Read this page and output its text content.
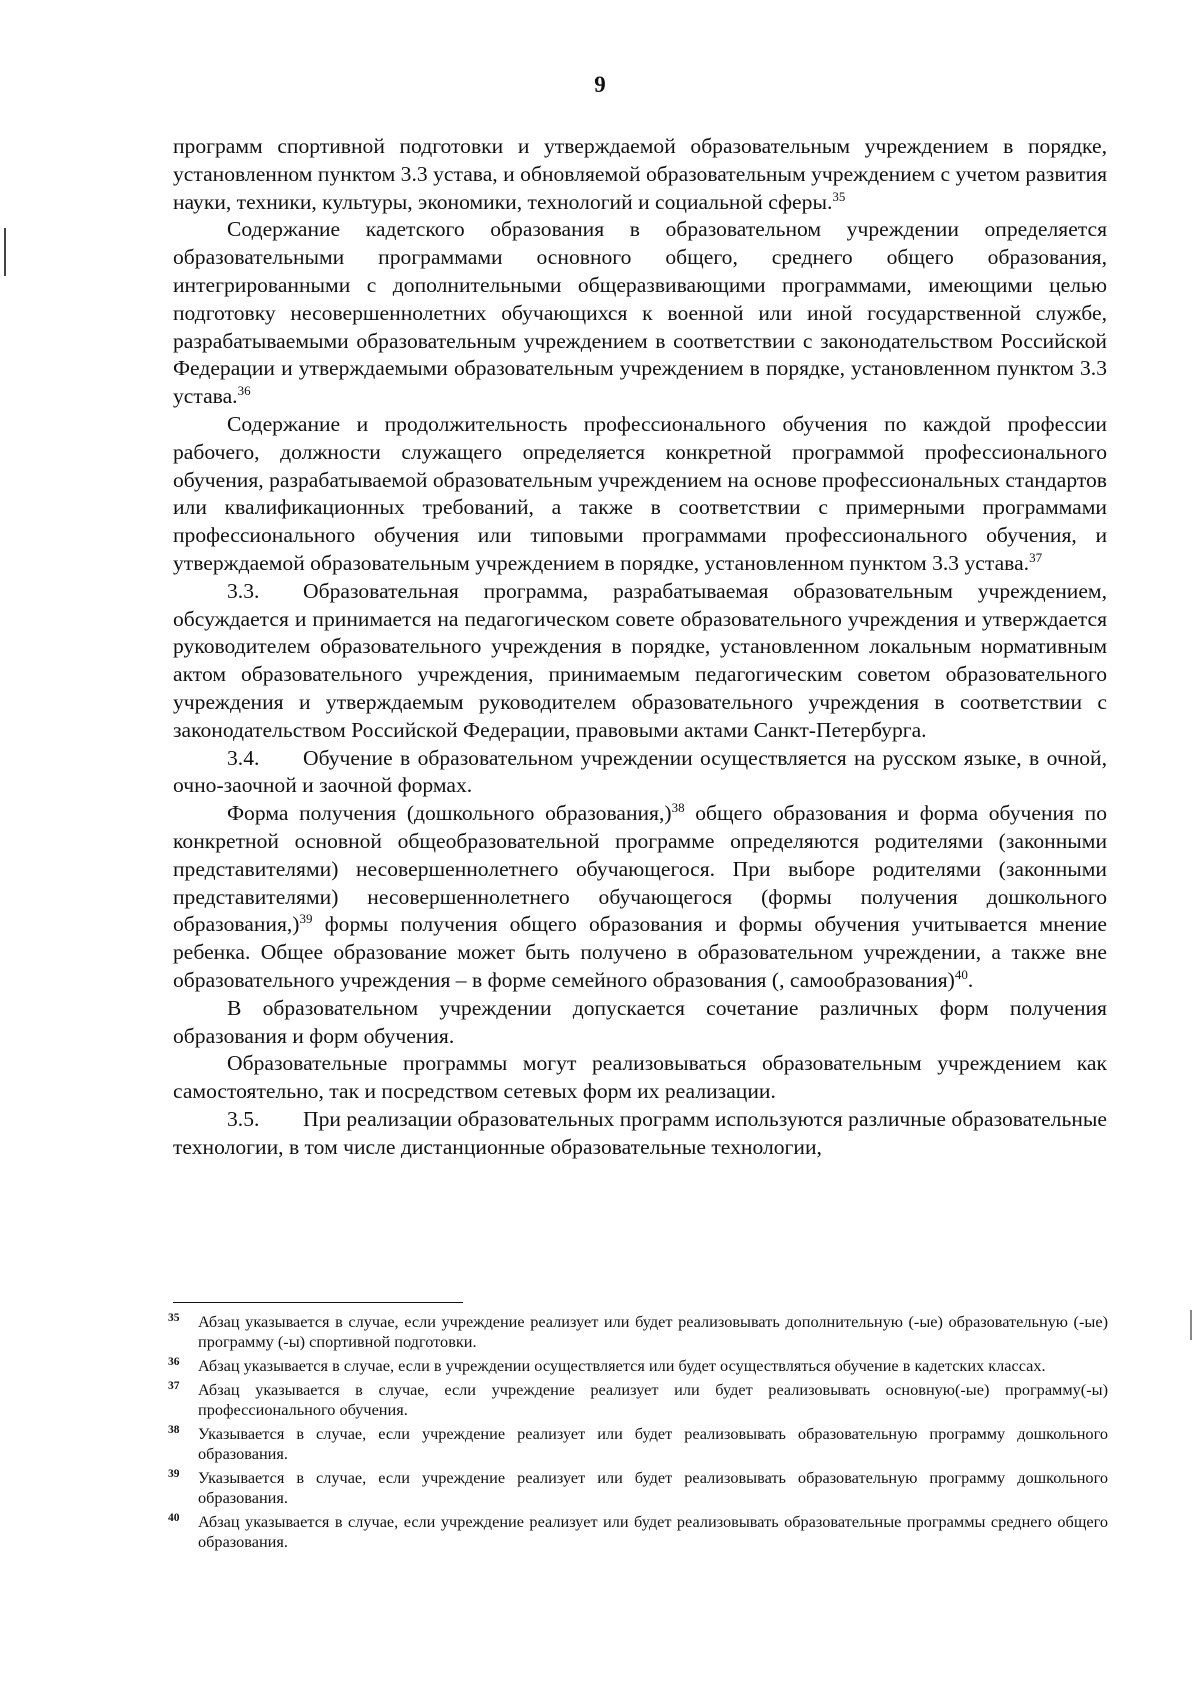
9

программ спортивной подготовки и утверждаемой образовательным учреждением в порядке, установленном пунктом 3.3 устава, и обновляемой образовательным учреждением с учетом развития науки, техники, культуры, экономики, технологий и социальной сферы.$^{35}$

Содержание кадетского образования в образовательном учреждении определяется образовательными программами основного общего, среднего общего образования, интегрированными с дополнительными общеразвивающими программами, имеющими целью подготовку несовершеннолетних обучающихся к военной или иной государственной службе, разрабатываемыми образовательным учреждением в соответствии с законодательством Российской Федерации и утверждаемыми образовательным учреждением в порядке, установленном пунктом 3.3 устава.$^{36}$

Содержание и продолжительность профессионального обучения по каждой профессии рабочего, должности служащего определяется конкретной программой профессионального обучения, разрабатываемой образовательным учреждением на основе профессиональных стандартов или квалификационных требований, а также в соответствии с примерными программами профессионального обучения или типовыми программами профессионального обучения, и утверждаемой образовательным учреждением в порядке, установленном пунктом 3.3 устава.$^{37}$

3.3. Образовательная программа, разрабатываемая образовательным учреждением, обсуждается и принимается на педагогическом совете образовательного учреждения и утверждается руководителем образовательного учреждения в порядке, установленном локальным нормативным актом образовательного учреждения, принимаемым педагогическим советом образовательного учреждения и утверждаемым руководителем образовательного учреждения в соответствии с законодательством Российской Федерации, правовыми актами Санкт-Петербурга.

3.4. Обучение в образовательном учреждении осуществляется на русском языке, в очной, очно-заочной и заочной формах.

Форма получения (дошкольного образования,)$^{38}$ общего образования и форма обучения по конкретной основной общеобразовательной программе определяются родителями (законными представителями) несовершеннолетнего обучающегося. При выборе родителями (законными представителями) несовершеннолетнего обучающегося (формы получения дошкольного образования,)$^{39}$ формы получения общего образования и формы обучения учитывается мнение ребенка. Общее образование может быть получено в образовательном учреждении, а также вне образовательного учреждения – в форме семейного образования (, самообразования)$^{40}$.

В образовательном учреждении допускается сочетание различных форм получения образования и форм обучения.

Образовательные программы могут реализовываться образовательным учреждением как самостоятельно, так и посредством сетевых форм их реализации.

3.5. При реализации образовательных программ используются различные образовательные технологии, в том числе дистанционные образовательные технологии,

35 Абзац указывается в случае, если учреждение реализует или будет реализовывать дополнительную (-ые) образовательную (-ые) программу (-ы) спортивной подготовки.

36 Абзац указывается в случае, если в учреждении осуществляется или будет осуществляться обучение в кадетских классах.

37 Абзац указывается в случае, если учреждение реализует или будет реализовывать основную(-ые) программу(-ы) профессионального обучения.

38 Указывается в случае, если учреждение реализует или будет реализовывать образовательную программу дошкольного образования.

39 Указывается в случае, если учреждение реализует или будет реализовывать образовательную программу дошкольного образования.

40 Абзац указывается в случае, если учреждение реализует или будет реализовывать образовательные программы среднего общего образования.
